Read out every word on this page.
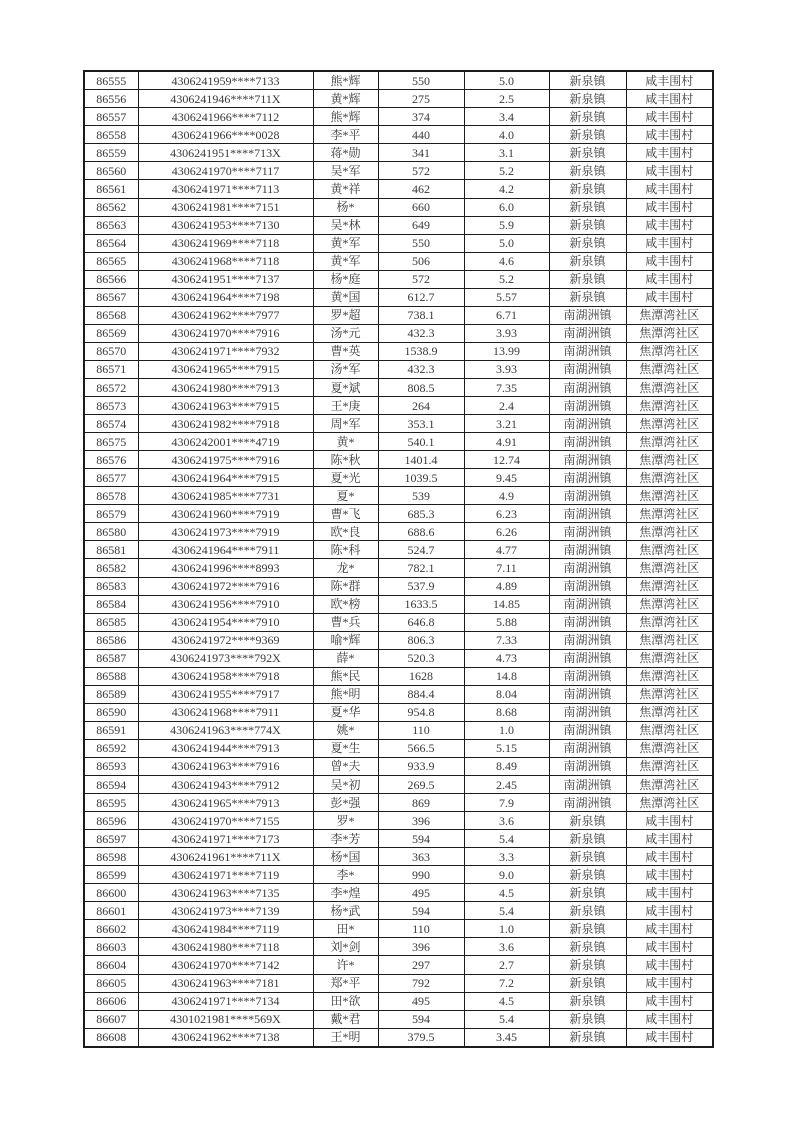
86555	4306241959****7133	熊*辉	550	5.0	新泉镇	咸丰围村
86556	4306241946****711X	黄*辉	275	2.5	新泉镇	咸丰围村
86557	4306241966****7112	熊*辉	374	3.4	新泉镇	咸丰围村
86558	4306241966****0028	李*平	440	4.0	新泉镇	咸丰围村
86559	4306241951****713X	蒋*勋	341	3.1	新泉镇	咸丰围村
86560	4306241970****7117	吴*军	572	5.2	新泉镇	咸丰围村
86561	4306241971****7113	黄*祥	462	4.2	新泉镇	咸丰围村
86562	4306241981****7151	杨*	660	6.0	新泉镇	咸丰围村
86563	4306241953****7130	吴*林	649	5.9	新泉镇	咸丰围村
86564	4306241969****7118	黄*军	550	5.0	新泉镇	咸丰围村
86565	4306241968****7118	黄*军	506	4.6	新泉镇	咸丰围村
86566	4306241951****7137	杨*庭	572	5.2	新泉镇	咸丰围村
86567	4306241964****7198	黄*国	612.7	5.57	新泉镇	咸丰围村
86568	4306241962****7977	罗*超	738.1	6.71	南湖洲镇	焦潭湾社区
86569	4306241970****7916	汤*元	432.3	3.93	南湖洲镇	焦潭湾社区
86570	4306241971****7932	曹*英	1538.9	13.99	南湖洲镇	焦潭湾社区
86571	4306241965****7915	汤*军	432.3	3.93	南湖洲镇	焦潭湾社区
86572	4306241980****7913	夏*斌	808.5	7.35	南湖洲镇	焦潭湾社区
86573	4306241963****7915	王*庚	264	2.4	南湖洲镇	焦潭湾社区
86574	4306241982****7918	周*军	353.1	3.21	南湖洲镇	焦潭湾社区
86575	4306242001****4719	黄*	540.1	4.91	南湖洲镇	焦潭湾社区
86576	4306241975****7916	陈*秋	1401.4	12.74	南湖洲镇	焦潭湾社区
86577	4306241964****7915	夏*光	1039.5	9.45	南湖洲镇	焦潭湾社区
86578	4306241985****7731	夏*	539	4.9	南湖洲镇	焦潭湾社区
86579	4306241960****7919	曹*飞	685.3	6.23	南湖洲镇	焦潭湾社区
86580	4306241973****7919	欧*良	688.6	6.26	南湖洲镇	焦潭湾社区
86581	4306241964****7911	陈*科	524.7	4.77	南湖洲镇	焦潭湾社区
86582	4306241996****8993	龙*	782.1	7.11	南湖洲镇	焦潭湾社区
86583	4306241972****7916	陈*群	537.9	4.89	南湖洲镇	焦潭湾社区
86584	4306241956****7910	欧*榜	1633.5	14.85	南湖洲镇	焦潭湾社区
86585	4306241954****7910	曹*兵	646.8	5.88	南湖洲镇	焦潭湾社区
86586	4306241972****9369	喻*辉	806.3	7.33	南湖洲镇	焦潭湾社区
86587	4306241973****792X	薛*	520.3	4.73	南湖洲镇	焦潭湾社区
86588	4306241958****7918	熊*民	1628	14.8	南湖洲镇	焦潭湾社区
86589	4306241955****7917	熊*明	884.4	8.04	南湖洲镇	焦潭湾社区
86590	4306241968****7911	夏*华	954.8	8.68	南湖洲镇	焦潭湾社区
86591	4306241963****774X	姚*	110	1.0	南湖洲镇	焦潭湾社区
86592	4306241944****7913	夏*生	566.5	5.15	南湖洲镇	焦潭湾社区
86593	4306241963****7916	曾*夫	933.9	8.49	南湖洲镇	焦潭湾社区
86594	4306241943****7912	吴*初	269.5	2.45	南湖洲镇	焦潭湾社区
86595	4306241965****7913	彭*强	869	7.9	南湖洲镇	焦潭湾社区
86596	4306241970****7155	罗*	396	3.6	新泉镇	咸丰围村
86597	4306241971****7173	李*芳	594	5.4	新泉镇	咸丰围村
86598	4306241961****711X	杨*国	363	3.3	新泉镇	咸丰围村
86599	4306241971****7119	李*	990	9.0	新泉镇	咸丰围村
86600	4306241963****7135	李*煌	495	4.5	新泉镇	咸丰围村
86601	4306241973****7139	杨*武	594	5.4	新泉镇	咸丰围村
86602	4306241984****7119	田*	110	1.0	新泉镇	咸丰围村
86603	4306241980****7118	刘*剑	396	3.6	新泉镇	咸丰围村
86604	4306241970****7142	许*	297	2.7	新泉镇	咸丰围村
86605	4306241963****7181	郑*平	792	7.2	新泉镇	咸丰围村
86606	4306241971****7134	田*欲	495	4.5	新泉镇	咸丰围村
86607	4301021981****569X	戴*君	594	5.4	新泉镇	咸丰围村
86608	4306241962****7138	王*明	379.5	3.45	新泉镇	咸丰围村
